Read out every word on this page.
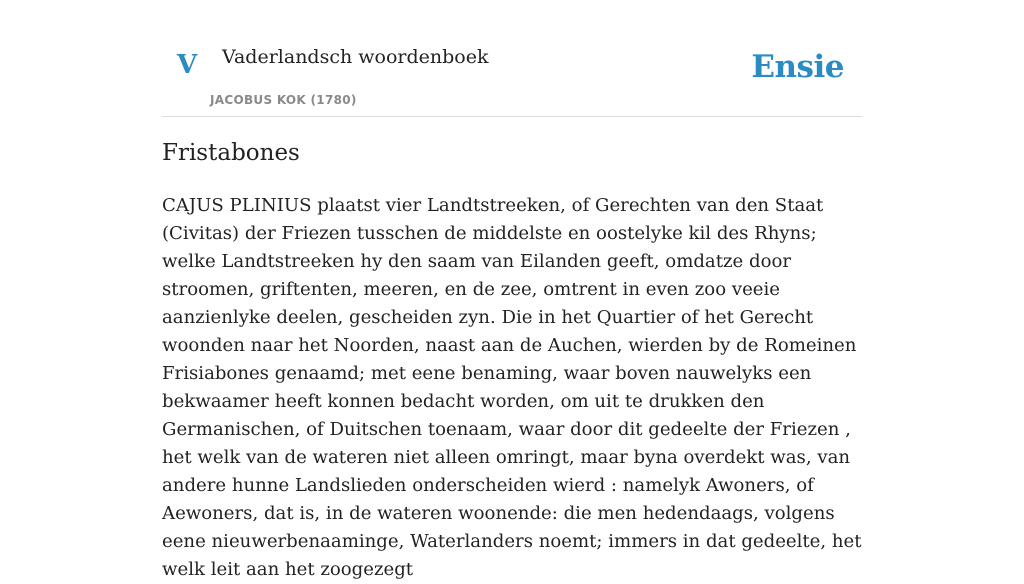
V Vaderlandsch woordenboek
JACOBUS KOK (1780)
Ensie
Fristabones

CAJUS PLINIUS plaatst vier Landtstreeken, of Gerechten van den Staat (Civitas) der Friezen tusschen de middelste en oostelyke kil des Rhyns; welke Landtstreeken hy den saam van Eilanden geeft, omdatze door stroomen, griftenten, meeren, en de zee, omtrent in even zoo veeie aanzienlyke deelen, gescheiden zyn. Die in het Quartier of het Gerecht woonden naar het Noorden, naast aan de Auchen, wierden by de Romeinen Frisiabones genaamd; met eene benaming, waar boven nauwelyks een bekwaamer heeft konnen bedacht worden, om uit te drukken den Germanischen, of Duitschen toenaam, waar door dit gedeelte der Friezen , het welk van de wateren niet alleen omringt, maar byna overdekt was, van andere hunne Landslieden onderscheiden wierd : namelyk Awoners, of Aewoners, dat is, in de wateren woonende: die men hedendaags, volgens eene nieuwerbenaaminge, Waterlanders noemt; immers in dat gedeelte, het welk leit aan het zoogezegt
